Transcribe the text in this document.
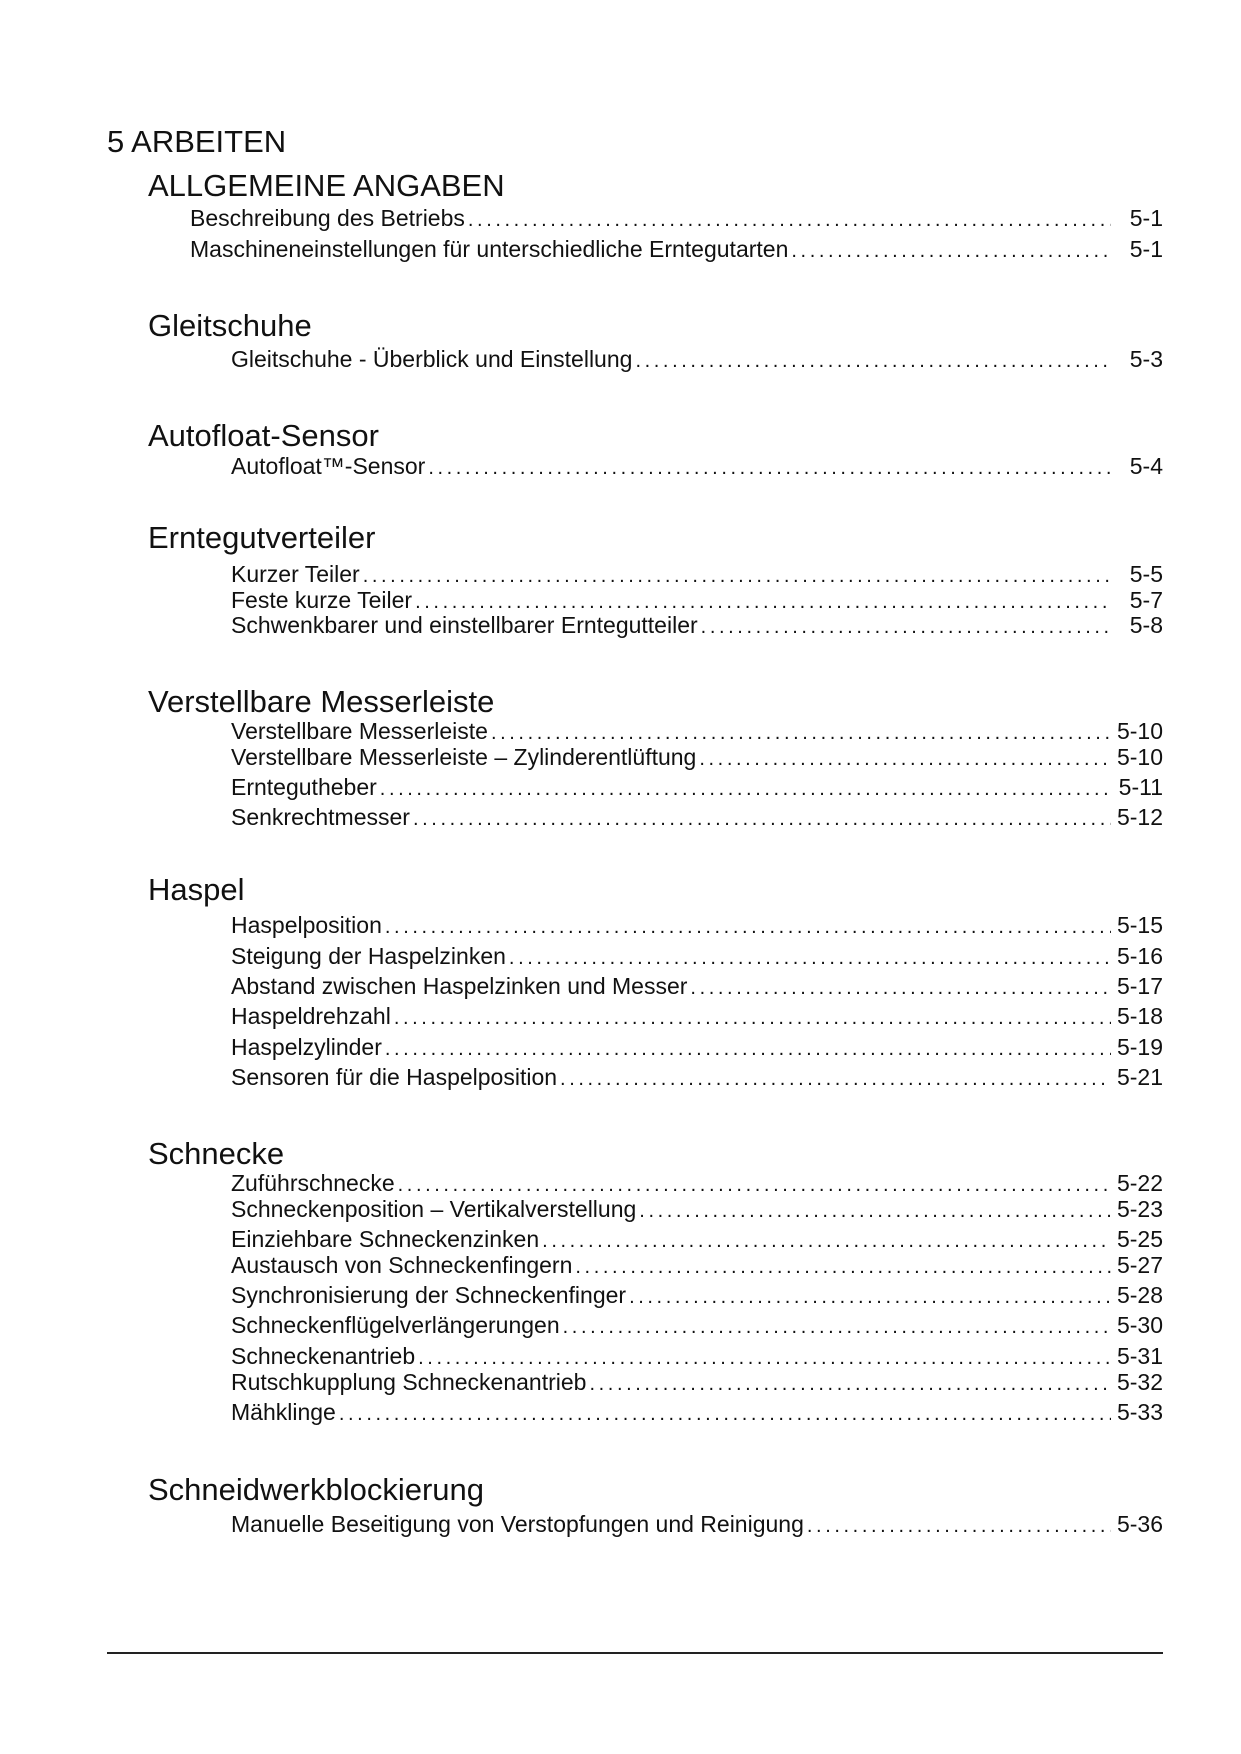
5 ARBEITEN
ALLGEMEINE ANGABEN
Beschreibung des Betriebs .....	5-1
Maschineneinstellungen für unterschiedliche Erntegutarten .....	5-1
Gleitschuhe
Gleitschuhe - Überblick und Einstellung .....	5-3
Autofloat-Sensor
Autofloat™-Sensor .....	5-4
Erntegutverteiler
Kurzer Teiler .....	5-5
Feste kurze Teiler .....	5-7
Schwenkbarer und einstellbarer Erntegutteiler .....	5-8
Verstellbare Messerleiste
Verstellbare Messerleiste .....	5-10
Verstellbare Messerleiste – Zylinderentlüftung .....	5-10
Erntegutheber .....	5-11
Senkrechtmesser .....	5-12
Haspel
Haspelposition .....	5-15
Steigung der Haspelzinken .....	5-16
Abstand zwischen Haspelzinken und Messer .....	5-17
Haspeldrehzahl .....	5-18
Haspelzylinder .....	5-19
Sensoren für die Haspelposition .....	5-21
Schnecke
Zuführschnecke .....	5-22
Schneckenposition – Vertikalverstellung .....	5-23
Einziehbare Schneckenzinken .....	5-25
Austausch von Schneckenfingern .....	5-27
Synchronisierung der Schneckenfinger .....	5-28
Schneckenflügelverlängerungen .....	5-30
Schneckenantrieb .....	5-31
Rutschkupplung Schneckenantrieb .....	5-32
Mähklinge .....	5-33
Schneidwerkblockierung
Manuelle Beseitigung von Verstopfungen und Reinigung .....	5-36
